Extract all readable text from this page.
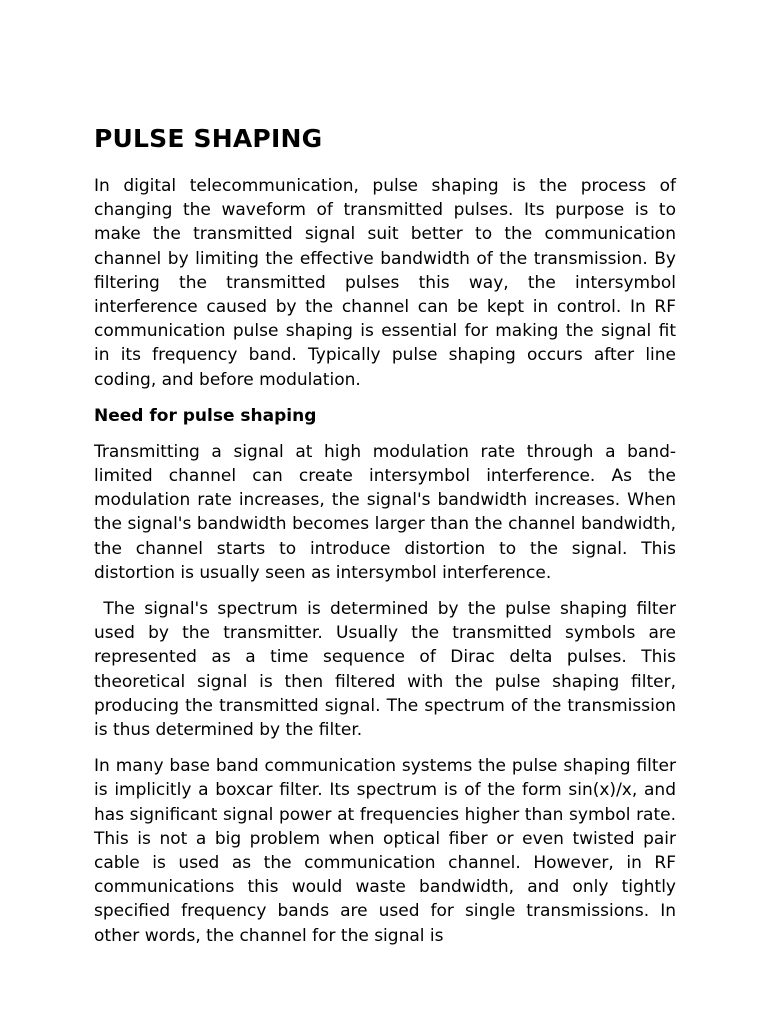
PULSE SHAPING

In digital telecommunication, pulse shaping is the process of changing the waveform of transmitted pulses. Its purpose is to make the transmitted signal suit better to the communication channel by limiting the effective bandwidth of the transmission. By filtering the transmitted pulses this way, the intersymbol interference caused by the channel can be kept in control. In RF communication pulse shaping is essential for making the signal fit in its frequency band. Typically pulse shaping occurs after line coding, and before modulation.

Need for pulse shaping

Transmitting a signal at high modulation rate through a band-limited channel can create intersymbol interference. As the modulation rate increases, the signal's bandwidth increases. When the signal's bandwidth becomes larger than the channel bandwidth, the channel starts to introduce distortion to the signal. This distortion is usually seen as intersymbol interference.

The signal's spectrum is determined by the pulse shaping filter used by the transmitter. Usually the transmitted symbols are represented as a time sequence of Dirac delta pulses. This theoretical signal is then filtered with the pulse shaping filter, producing the transmitted signal. The spectrum of the transmission is thus determined by the filter.

In many base band communication systems the pulse shaping filter is implicitly a boxcar filter. Its spectrum is of the form sin(x)/x, and has significant signal power at frequencies higher than symbol rate. This is not a big problem when optical fiber or even twisted pair cable is used as the communication channel. However, in RF communications this would waste bandwidth, and only tightly specified frequency bands are used for single transmissions. In other words, the channel for the signal is
